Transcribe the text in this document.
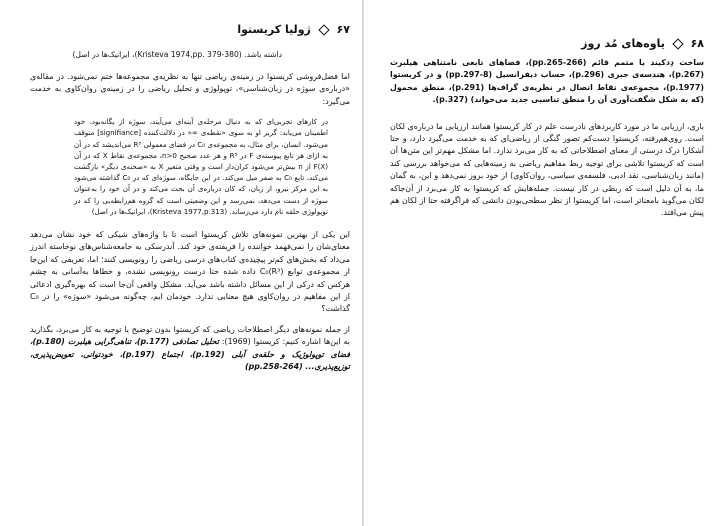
۶۷  ژولیا کریستوا
داشته باشد. (Kristeva 1974,pp. 379-380)، ایرانیک‌ها در اصل)

اما فضل‌فروشی کریستوا در زمینه‌ی ریاضی تنها به نظریه‌ی مجموعه‌ها ختم نمی‌شود. در مقاله‌ی «درباره‌ی سوژه در زبان‌شناسی»، توپولوژی و تحلیل ریاضی را در زمینه‌ی روان‌کاوی به خدمت می‌گیرد:

در کارهای تجربی‌ای که به دنبال مرحله‌ی آینه‌ای می‌آیند، سوژه از یگانه‌بود، خود اطمینان می‌یابد: گریز او به سوی «نقطه‌ی ∞» در دلالت‌کننده [signifiance] متوقف می‌شود. انسان، برای مثال، به مجموعه‌ی C₀ در فضای معمولی R³ می‌اندیشد که در آن به ازای هر تابع پیوسته‌ی F در R³ و هر عدد صحیح n>0، مجموعه‌ی نقاط X که در آن F(X) از n بیش‌تر می‌شود کران‌دار است و وقتی متغیر X به «صحنه‌ی دیگر» بازگشت می‌کند، تابع C₀ به صفر میل می‌کند. در این جایگاه، سوژه‌ای که در C₀ گذاشته می‌شود به این مرکز نیرو، از زبان، که کان درباره‌ی آن بحث می‌کند و در آن خود را به‌عنوان سوژه از دست می‌دهد، نمی‌رسد و این وضعیتی است که گروه هم‌رابطه‌یی را که در توپولوژی حلقه نام دارد می‌رساند. (Kristeva 1977,p.313)، ایرانیک‌ها در اصل)

این یکی از بهترین نمونه‌های تلاش کریستوا است تا با واژه‌های شیکی که خود نشان می‌دهد معنای‌شان را نمی‌فهمد خواننده را فریفته‌ی خود کند. آندرسکی به جامعه‌شناس‌های نوخاسته اندرز می‌داد که بخش‌های کم‌تر پیچیده‌ی کتاب‌های درسی ریاضی را رونویسی کنند؛ اما، تعریفی که این‌جا از مجموعه‌ی توابع C₀(R³) داده شده حتا درست رونویسی نشده، و خطاها به‌آسانی به چشم هرکس که درکی از این مسائل داشته باشد می‌آید. مشکل واقعی آن‌جا است که بهره‌گیری ادعائی از این مفاهیم در روان‌کاوی هیچ معنایی ندارد. خودمان ایم، چه‌گونه می‌شود «سوژه» را در C₀ گذاشت؟

از جمله نمونه‌های دیگر اصطلاحات ریاضی که کریستوا بدون توضیح یا توجیه به کار می‌برد، بگذارید به این‌ها اشاره کنیم: کریستوا (1969): تحلیل تصادفی (p.177)، تناهی‌گرایی هیلبرت (p.180)، فضای توپولوژیک و حلقه‌ی آبلی (p.192)، اجتماع (p.197)، خودتوانی، تعویض‌پذیری، توزیع‌پذیری... (pp.258-264)

۶۸  یاوه‌های مُد روز

ساخت دِدکیند یا متمم قائم (pp.265-266)، فضاهای تابعی نامتناهی هیلبرت (p.267)، هندسه‌ی جبری (p.296)، حساب دیفرانسیل (pp.297-8) و در کریستوا (p.1977)، مجموعه‌ی نقاط اتصال در نظریه‌ی گراف‌ها (p.291)، منطق محمول (که به شکل شگفت‌آوری آن را منطق تناسبی جدید می‌خواند) (p.327).

باری، ارزیابی ما در مورد کاربردهای نادرست علم در کار کریستوا همانند ارزیابی ما درباره‌ی لکان است. روی‌هم‌رفته، کریستوا دست‌کم تصور گنگی از ریاضی‌ای که به خدمت می‌گیرد دارد، و حتا آشکارا درک درستی از معنای اصطلاحاتی که به کار می‌برد ندارد. اما مشکل مهم‌تر این متن‌ها آن است که کریستوا تلاشی برای توجیه ربط مفاهیم ریاضی به زمینه‌هایی که می‌خواهد بررسی کند (مانند زبان‌شناسی، نقد ادبی، فلسفه‌ی سیاسی، روان‌کاوی) از خود بروز نمی‌دهد و این، به گمان ما، به آن دلیل است که ربطی در کار نیست. جمله‌هایش که کریستوا به کار می‌برد از آن‌جاکه لکان می‌گوید بامعناتر است، اما کریستوا از نظر سطحی‌بودن دانشی که فراگرفته حتا از لکان هم پیش می‌افتد.
